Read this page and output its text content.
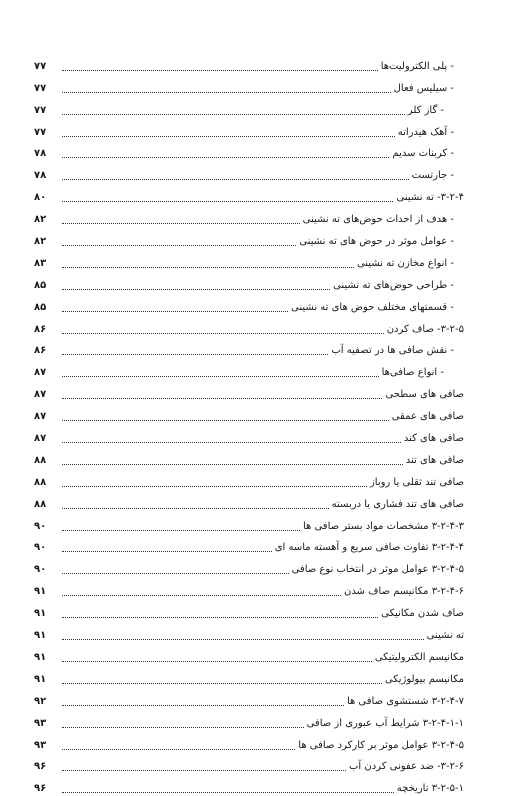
۷۷	- پلی الکترولیت‌ها
۷۷	- سیلیس فعال
۷۷	- گاز کلر
۷۷	- آهک هیدراته
۷۸	- کربنات سدیم
۷۸	- جارتست
۸۰	۳-۲-۴- ته نشینی
۸۲	- هدف از احداث حوض‌های ته نشینی
۸۲	- عوامل موثر در حوض های ته نشینی
۸۳	- انواع مخازن ته نشینی
۸۵	- طراحی حوض‌های ته نشینی
۸۵	- قسمتهای مختلف حوض های ته نشینی
۸۶	۳-۲-۵- صاف کردن
۸۶	- نقش صافی ها در تصفیه آب
۸۷	- انواع صافی‌ها
۸۷	صافی های سطحی
۸۷	صافی های عمقی
۸۷	صافی های کند
۸۸	صافی های تند
۸۸	صافی تند ثقلی یا روباز
۸۸	صافی های تند فشاری یا دربسته
۹۰	۳-۲-۴-۳ مشخصات مواد بستر صافی ها
۹۰	۳-۲-۴-۴ تفاوت صافی سریع و آهسته ماسه ای
۹۰	۳-۲-۴-۵ عوامل موثر در انتخاب نوع صافی
۹۱	۳-۲-۴-۶ مکانیسم صاف شدن
۹۱	صاف شدن مکانیکی
۹۱	ته نشینی
۹۱	مکانیسم الکترولیتیکی
۹۱	مکانیسم بیولوژیکی
۹۲	۳-۲-۴-۷ شستشوی صافی ها
۹۳	۳-۲-۴-۱-۱ شرایط آب عبوری از صافی
۹۳	۳-۲-۴-۵ عوامل موثر بر کارکرد صافی ها
۹۶	۳-۲-۶- ضد عفونی کردن آب
۹۶	۳-۲-۵-۱ تاریخچه
